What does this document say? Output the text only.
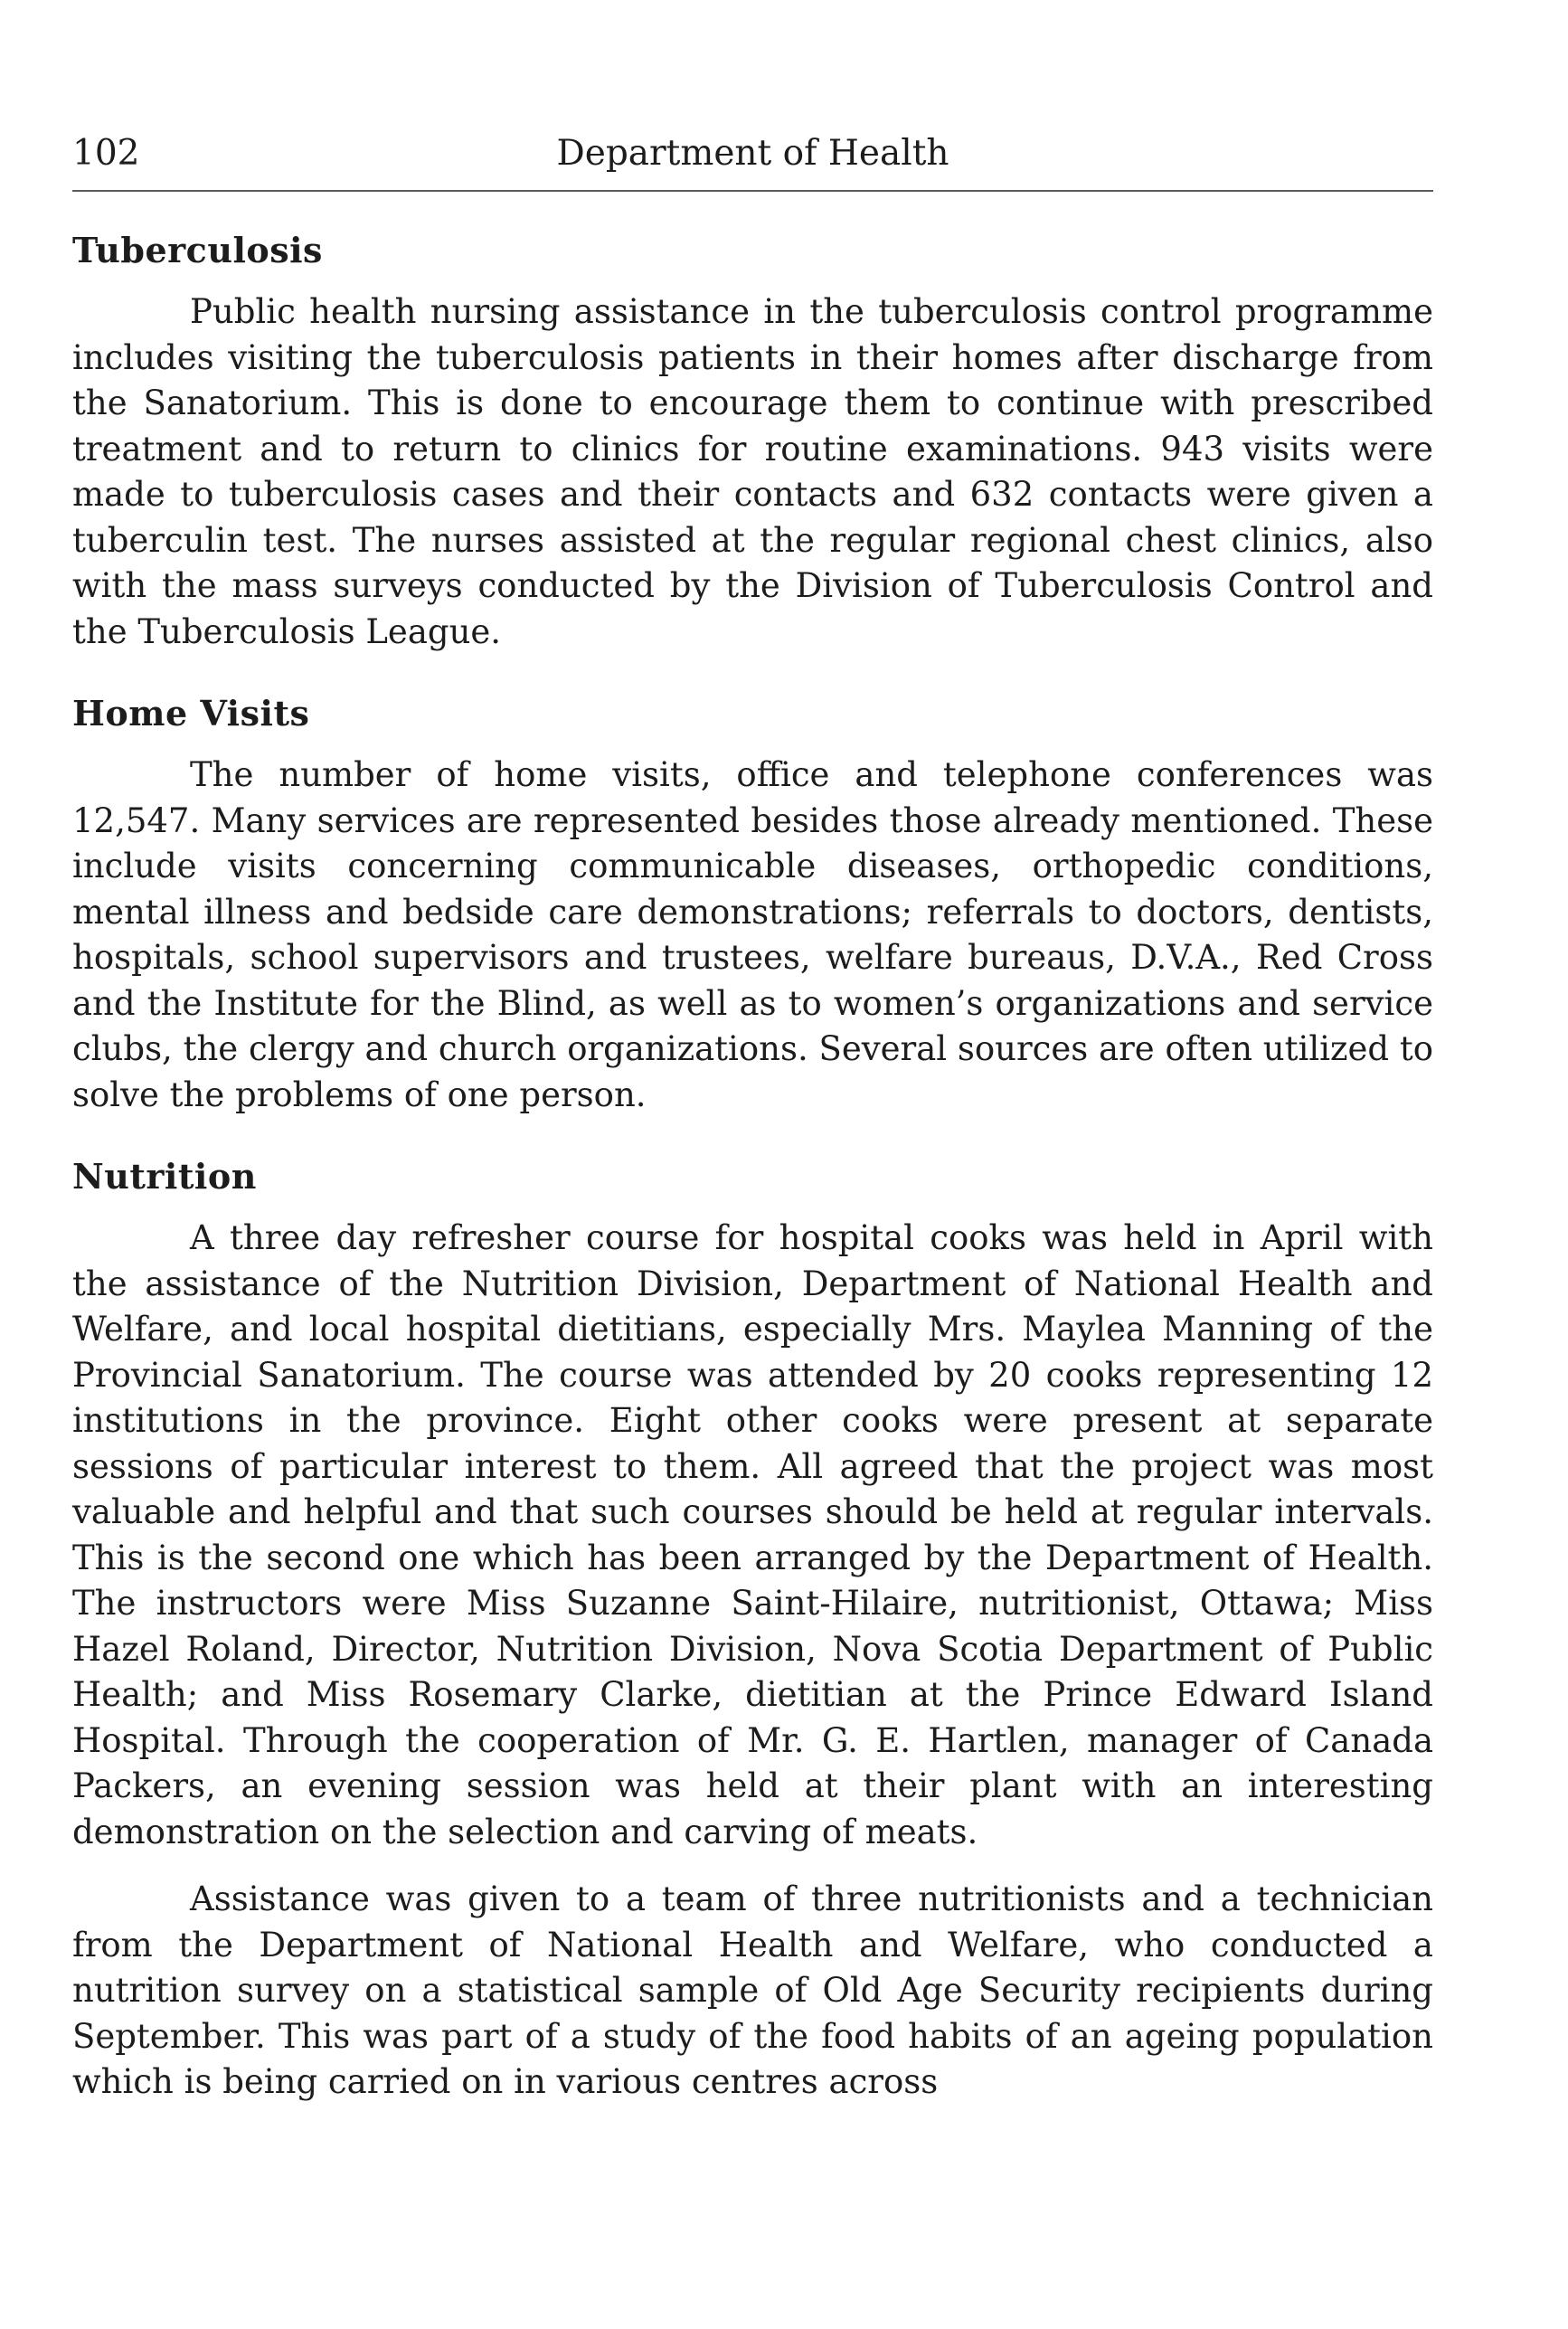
102	Department of Health
Tuberculosis

Public health nursing assistance in the tuberculosis control programme includes visiting the tuberculosis patients in their homes after discharge from the Sanatorium. This is done to encourage them to continue with prescribed treatment and to return to clinics for routine examinations. 943 visits were made to tuberculosis cases and their contacts and 632 contacts were given a tuberculin test. The nurses assisted at the regular regional chest clinics, also with the mass surveys conducted by the Division of Tuberculosis Control and the Tuberculosis League.

Home Visits

The number of home visits, office and telephone conferences was 12,547. Many services are represented besides those already mentioned. These include visits concerning communicable diseases, orthopedic conditions, mental illness and bedside care demonstrations; referrals to doctors, dentists, hospitals, school supervisors and trustees, welfare bureaus, D.V.A., Red Cross and the Institute for the Blind, as well as to women’s organizations and service clubs, the clergy and church organizations. Several sources are often utilized to solve the problems of one person.

Nutrition

A three day refresher course for hospital cooks was held in April with the assistance of the Nutrition Division, Department of National Health and Welfare, and local hospital dietitians, especially Mrs. Maylea Manning of the Provincial Sanatorium. The course was attended by 20 cooks representing 12 institutions in the province. Eight other cooks were present at separate sessions of particular interest to them. All agreed that the project was most valuable and helpful and that such courses should be held at regular intervals. This is the second one which has been arranged by the Department of Health. The instructors were Miss Suzanne Saint-Hilaire, nutritionist, Ottawa; Miss Hazel Roland, Director, Nutrition Division, Nova Scotia Department of Public Health; and Miss Rosemary Clarke, dietitian at the Prince Edward Island Hospital. Through the cooperation of Mr. G. E. Hartlen, manager of Canada Packers, an evening session was held at their plant with an interesting demonstration on the selection and carving of meats.

Assistance was given to a team of three nutritionists and a technician from the Department of National Health and Welfare, who conducted a nutrition survey on a statistical sample of Old Age Security recipients during September. This was part of a study of the food habits of an ageing population which is being carried on in various centres across
